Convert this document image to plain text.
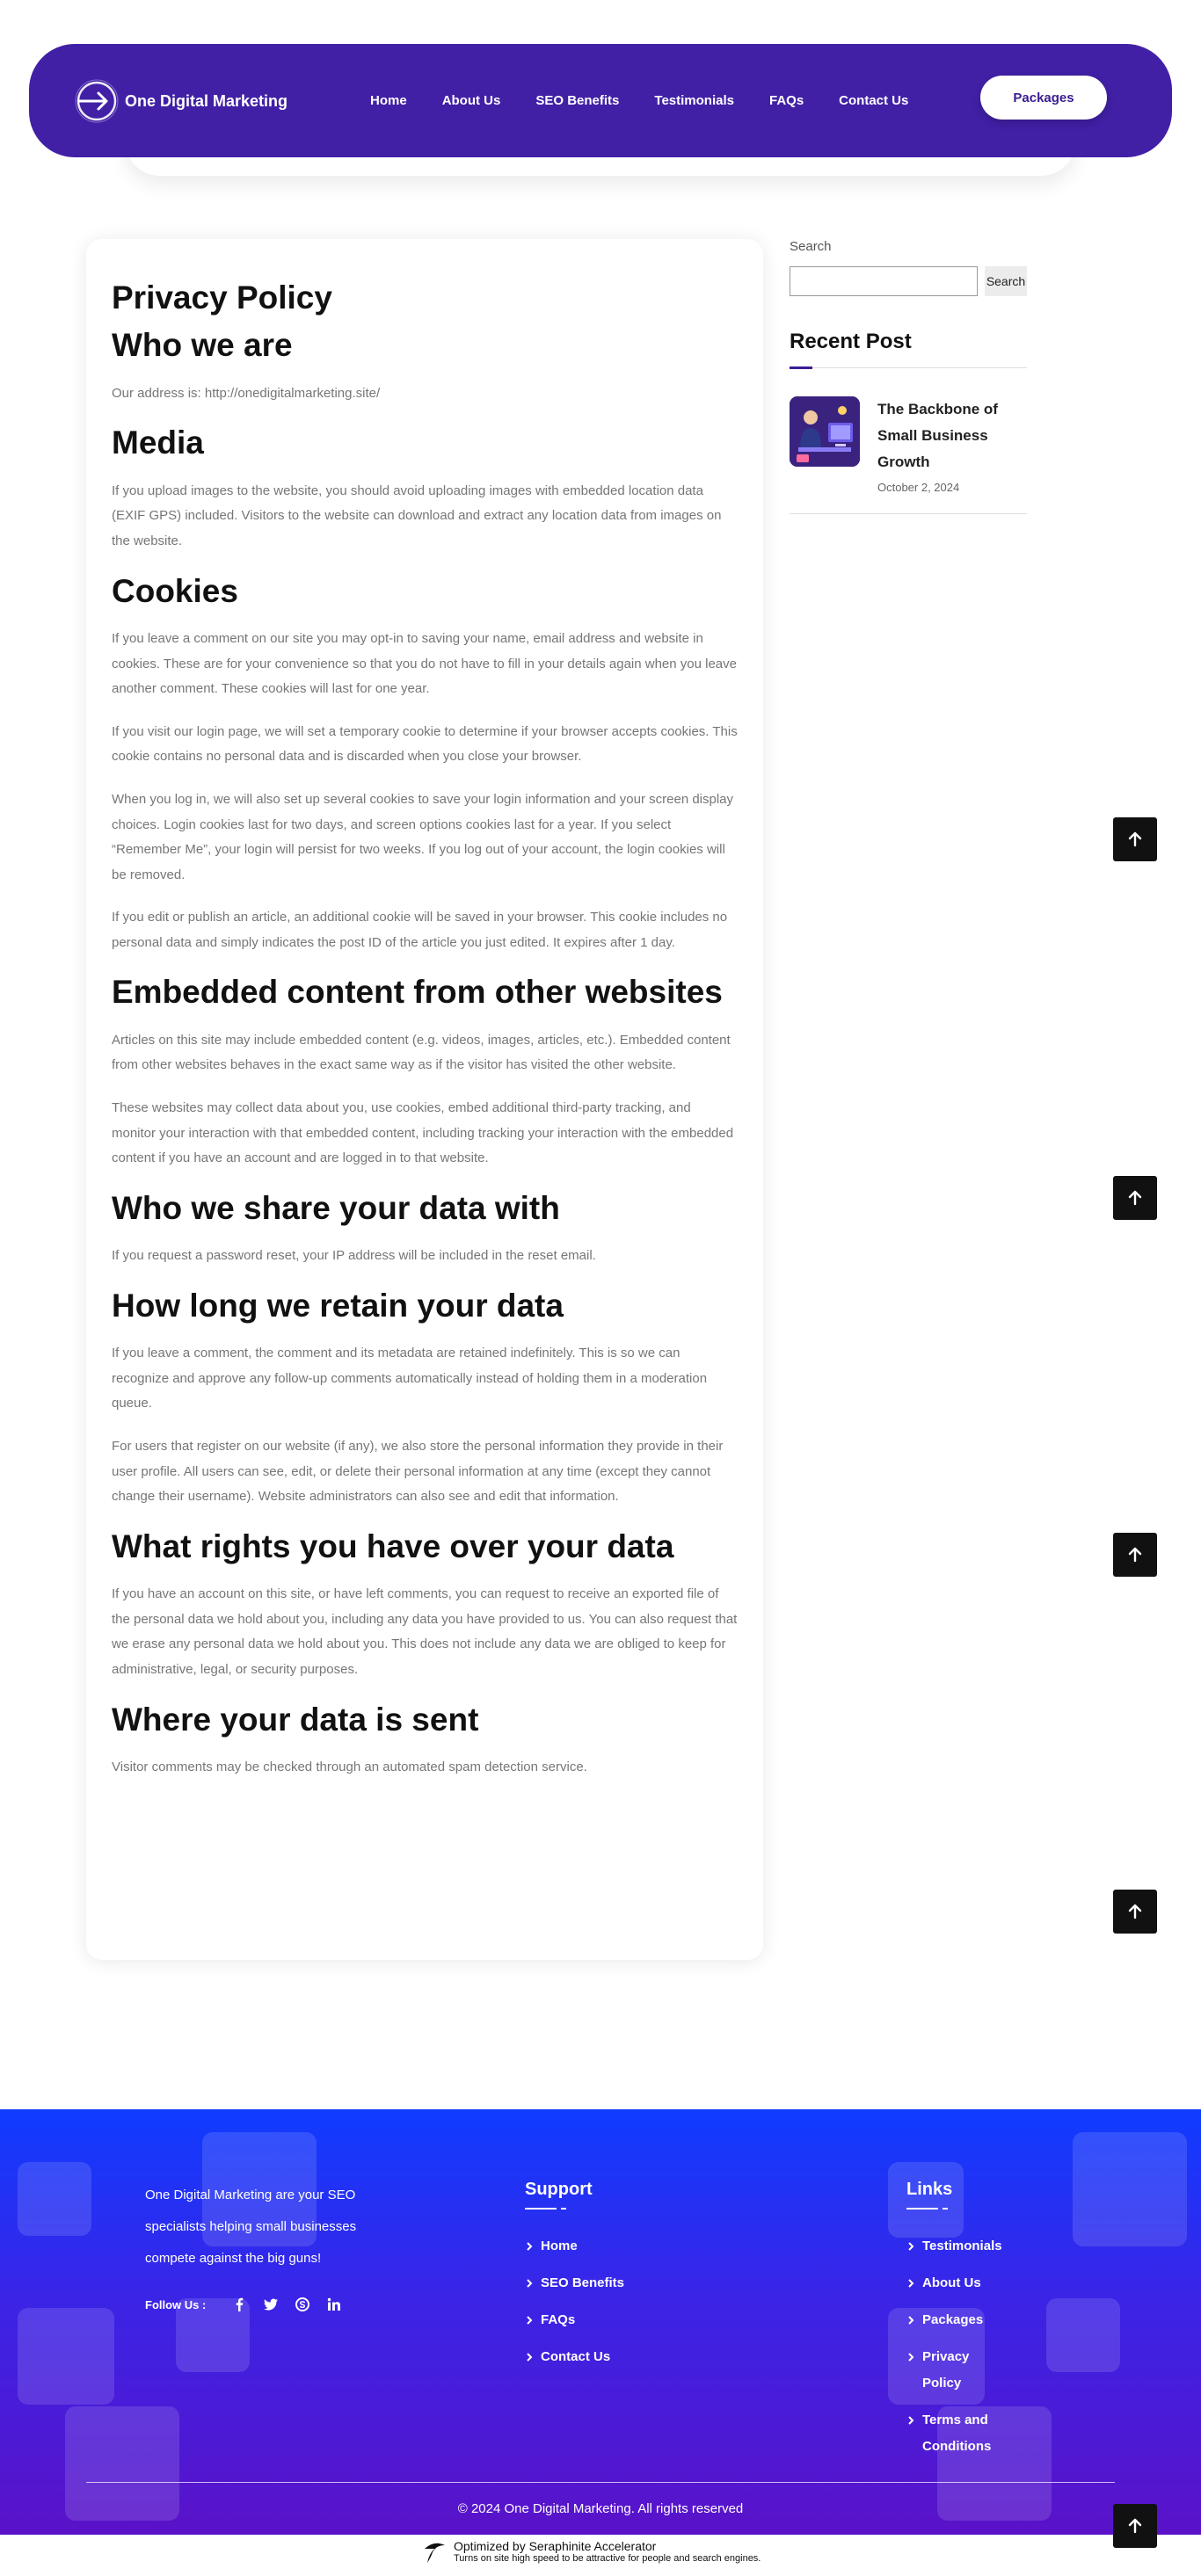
One Digital Marketing	Home	About Us	SEO Benefits	Testimonials	FAQs	Contact Us	Packages
Privacy Policy
Who we are

Our address is: http://onedigitalmarketing.site/

Media

If you upload images to the website, you should avoid uploading images with embedded location data (EXIF GPS) included. Visitors to the website can download and extract any location data from images on the website.

Cookies

If you leave a comment on our site you may opt-in to saving your name, email address and website in cookies. These are for your convenience so that you do not have to fill in your details again when you leave another comment. These cookies will last for one year.

If you visit our login page, we will set a temporary cookie to determine if your browser accepts cookies. This cookie contains no personal data and is discarded when you close your browser.

When you log in, we will also set up several cookies to save your login information and your screen display choices. Login cookies last for two days, and screen options cookies last for a year. If you select “Remember Me”, your login will persist for two weeks. If you log out of your account, the login cookies will be removed.

If you edit or publish an article, an additional cookie will be saved in your browser. This cookie includes no personal data and simply indicates the post ID of the article you just edited. It expires after 1 day.

Embedded content from other websites

Articles on this site may include embedded content (e.g. videos, images, articles, etc.). Embedded content from other websites behaves in the exact same way as if the visitor has visited the other website.

These websites may collect data about you, use cookies, embed additional third-party tracking, and monitor your interaction with that embedded content, including tracking your interaction with the embedded content if you have an account and are logged in to that website.

Who we share your data with

If you request a password reset, your IP address will be included in the reset email.

How long we retain your data

If you leave a comment, the comment and its metadata are retained indefinitely. This is so we can recognize and approve any follow-up comments automatically instead of holding them in a moderation queue.

For users that register on our website (if any), we also store the personal information they provide in their user profile. All users can see, edit, or delete their personal information at any time (except they cannot change their username). Website administrators can also see and edit that information.

What rights you have over your data

If you have an account on this site, or have left comments, you can request to receive an exported file of the personal data we hold about you, including any data you have provided to us. You can also request that we erase any personal data we hold about you. This does not include any data we are obliged to keep for administrative, legal, or security purposes.

Where your data is sent

Visitor comments may be checked through an automated spam detection service.

Search
Search
Recent Post
The Backbone of Small Business Growth
October 2, 2024

One Digital Marketing are your SEO specialists helping small businesses compete against the big guns!

Follow Us :
Support
Home
SEO Benefits
FAQs
Contact Us
Links
Testimonials
About Us
Packages
Privacy Policy
Terms and Conditions
© 2024 One Digital Marketing. All rights reserved
Optimized by Seraphinite Accelerator
Turns on site high speed to be attractive for people and search engines.
